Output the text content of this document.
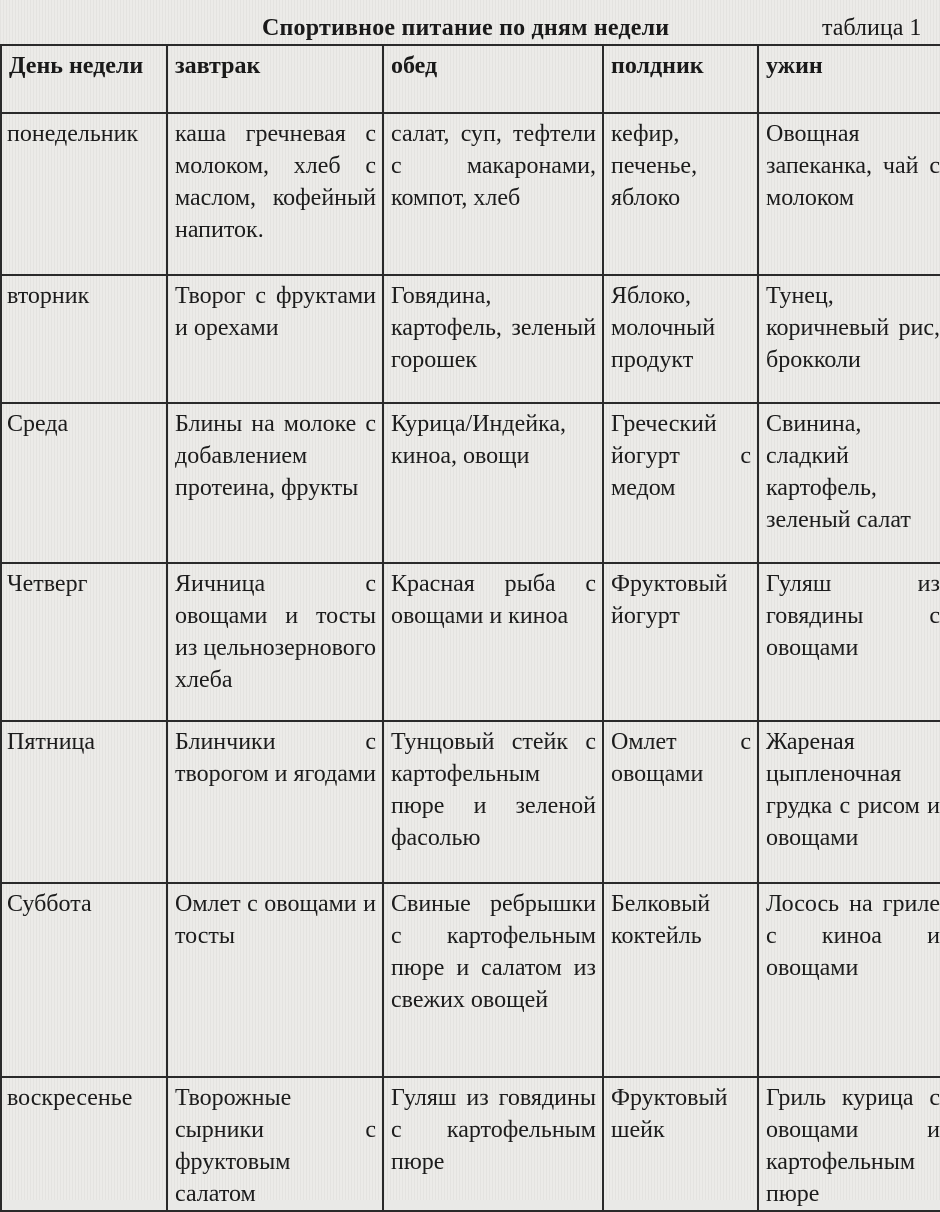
Спортивное питание по дням недели	таблица 1
День недели	завтрак	обед	полдник	ужин
понедельник	каша гречневая с молоком, хлеб с маслом, кофейный напиток.	салат, суп, тефтели с макаронами, компот, хлеб	кефир, печенье, яблоко	Овощная запеканка, чай с молоком
вторник	Творог с фруктами и орехами	Говядина, картофель, зеленый горошек	Яблоко, молочный продукт	Тунец, коричневый рис, брокколи
Среда	Блины на молоке с добавлением протеина, фрукты	Курица/Индейка, киноа, овощи	Греческий йогурт с медом	Свинина, сладкий картофель, зеленый салат
Четверг	Яичница с овощами и тосты из цельнозернового хлеба	Красная рыба с овощами и киноа	Фруктовый йогурт	Гуляш из говядины с овощами
Пятница	Блинчики с творогом и ягодами	Тунцовый стейк с картофельным пюре и зеленой фасолью	Омлет с овощами	Жареная цыпленочная грудка с рисом и овощами
Суббота	Омлет с овощами и тосты	Свиные ребрышки с картофельным пюре и салатом из свежих овощей	Белковый коктейль	Лосось на гриле с киноа и овощами
воскресенье	Творожные сырники с фруктовым салатом	Гуляш из говядины с картофельным пюре	Фруктовый шейк	Гриль курица с овощами и картофельным пюре
